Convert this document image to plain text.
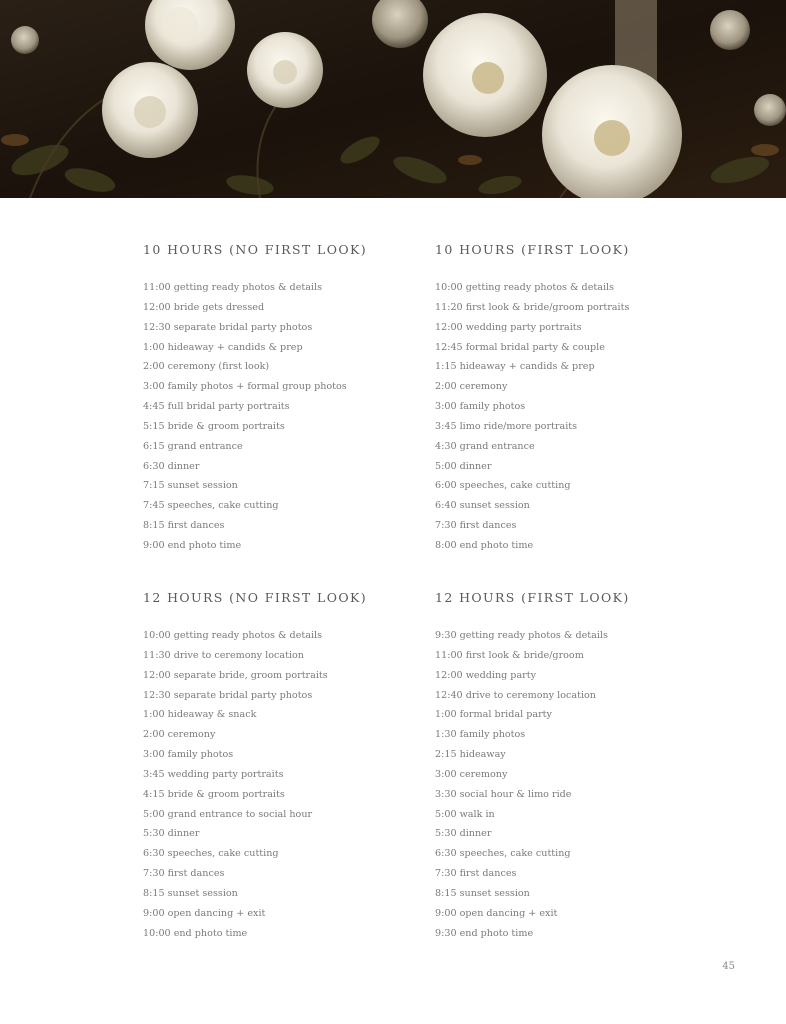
10 HOURS (NO FIRST LOOK)
11:00 getting ready photos & details
12:00 bride gets dressed
12:30 separate bridal party photos
1:00 hideaway + candids & prep
2:00 ceremony (first look)
3:00 family photos + formal group photos
4:45 full bridal party portraits
5:15 bride & groom portraits
6:15 grand entrance
6:30 dinner
7:15 sunset session
7:45 speeches, cake cutting
8:15 first dances
9:00 end photo time
10 HOURS (FIRST LOOK)
10:00 getting ready photos & details
11:20 first look & bride/groom portraits
12:00 wedding party portraits
12:45 formal bridal party & couple
1:15 hideaway + candids & prep
2:00 ceremony
3:00 family photos
3:45 limo ride/more portraits
4:30 grand entrance
5:00 dinner
6:00 speeches, cake cutting
6:40 sunset session
7:30 first dances
8:00 end photo time
12 HOURS (NO FIRST LOOK)
10:00 getting ready photos & details
11:30 drive to ceremony location
12:00 separate bride, groom portraits
12:30 separate bridal party photos
1:00 hideaway & snack
2:00 ceremony
3:00 family photos
3:45 wedding party portraits
4:15 bride & groom portraits
5:00 grand entrance to social hour
5:30 dinner
6:30 speeches, cake cutting
7:30 first dances
8:15 sunset session
9:00 open dancing + exit
10:00 end photo time
12 HOURS (FIRST LOOK)
9:30 getting ready photos & details
11:00 first look & bride/groom
12:00 wedding party
12:40 drive to ceremony location
1:00 formal bridal party
1:30 family photos
2:15 hideaway
3:00 ceremony
3:30 social hour & limo ride
5:00 walk in
5:30 dinner
6:30 speeches, cake cutting
7:30 first dances
8:15 sunset session
9:00 open dancing + exit
9:30 end photo time
45
